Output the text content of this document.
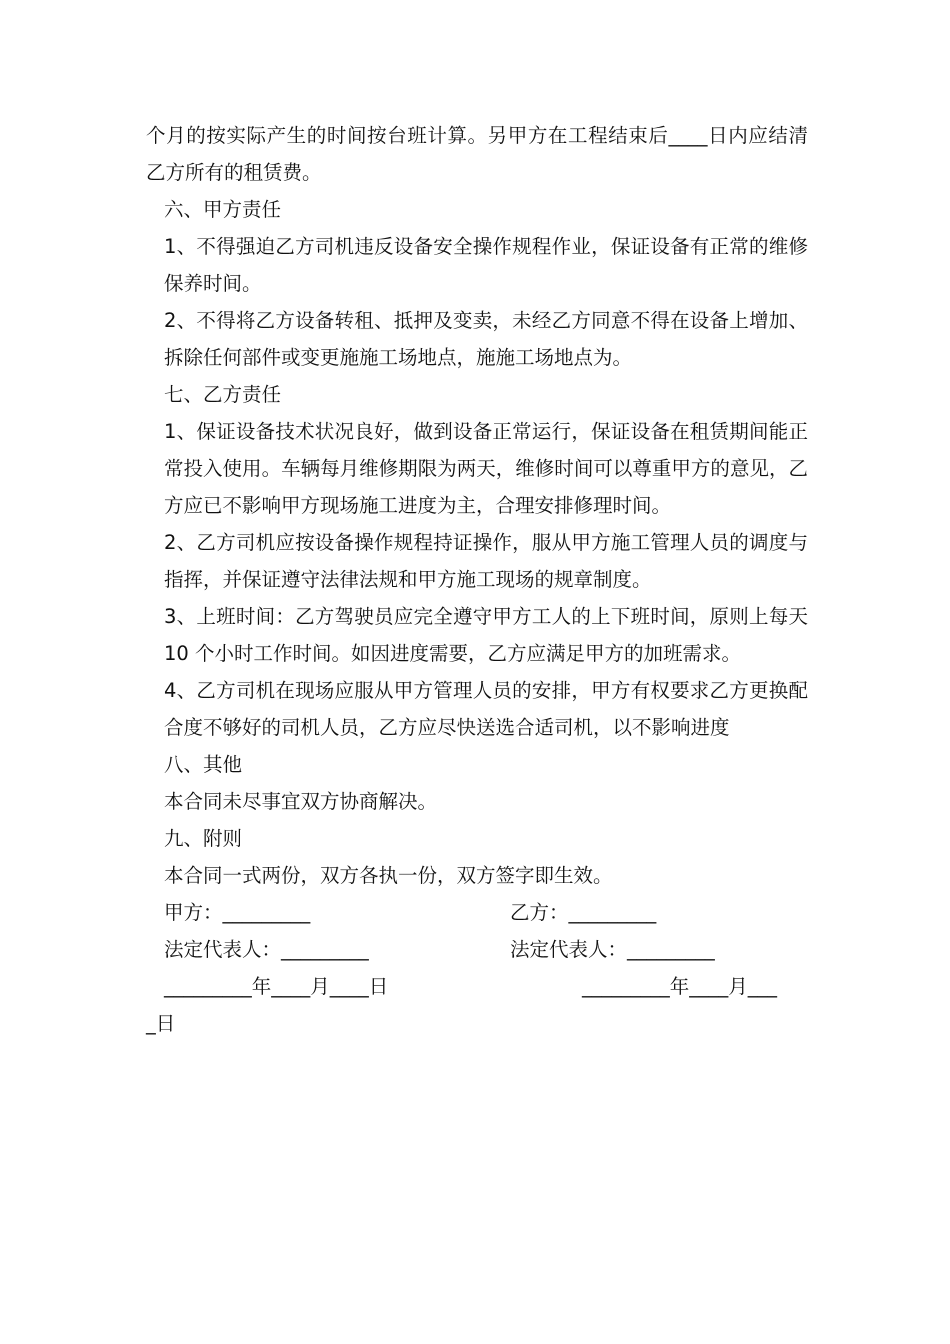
个月的按实际产生的时间按台班计算。另甲方在工程结束后____日内应结清乙方所有的租赁费。

六、甲方责任

1、不得强迫乙方司机违反设备安全操作规程作业，保证设备有正常的维修保养时间。

2、不得将乙方设备转租、抵押及变卖，未经乙方同意不得在设备上增加、拆除任何部件或变更施施工场地点，施施工场地点为。

七、乙方责任

1、保证设备技术状况良好，做到设备正常运行，保证设备在租赁期间能正常投入使用。车辆每月维修期限为两天，维修时间可以尊重甲方的意见，乙方应已不影响甲方现场施工进度为主，合理安排修理时间。

2、乙方司机应按设备操作规程持证操作，服从甲方施工管理人员的调度与指挥，并保证遵守法律法规和甲方施工现场的规章制度。

3、上班时间：乙方驾驶员应完全遵守甲方工人的上下班时间，原则上每天 10 个小时工作时间。如因进度需要，乙方应满足甲方的加班需求。

4、乙方司机在现场应服从甲方管理人员的安排，甲方有权要求乙方更换配合度不够好的司机人员，乙方应尽快送选合适司机，以不影响进度

八、其他

本合同未尽事宜双方协商解决。

九、附则

本合同一式两份，双方各执一份，双方签字即生效。

甲方：_________	乙方：_________
法定代表人：_________	法定代表人：_________
_________年____月____日	_________年____月___
_日
